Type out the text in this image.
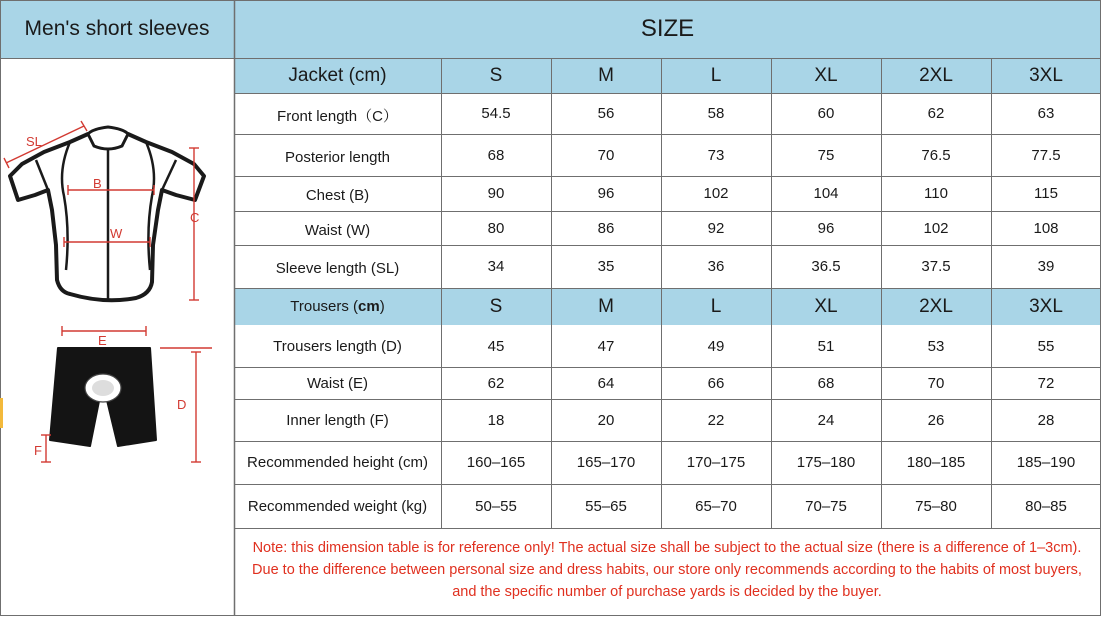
Men's short sleeves	SIZE
Jacket (cm)	S	M	L	XL	2XL	3XL
Front length（C）	54.5	56	58	60	62	63
Posterior length	68	70	73	75	76.5	77.5
Chest (B)	90	96	102	104	110	115
Waist (W)	80	86	92	96	102	108
Sleeve length (SL)	34	35	36	36.5	37.5	39
Trousers ( cm )	S	M	L	XL	2XL	3XL
Trousers length (D)	45	47	49	51	53	55
Waist (E)	62	64	66	68	70	72
Inner length (F)	18	20	22	24	26	28
Recommended height (cm)	160–165	165–170	170–175	175–180	180–185	185–190
Recommended weight (kg)	50–55	55–65	65–70	70–75	75–80	80–85
SL
B
W
C
E
D
F
Note: this dimension table is for reference only! The actual size shall be subject to the actual size (there is a difference of 1–3cm). Due to the difference between personal size and dress habits, our store only recommends according to the habits of most buyers, and the specific number of purchase yards is decided by the buyer.
